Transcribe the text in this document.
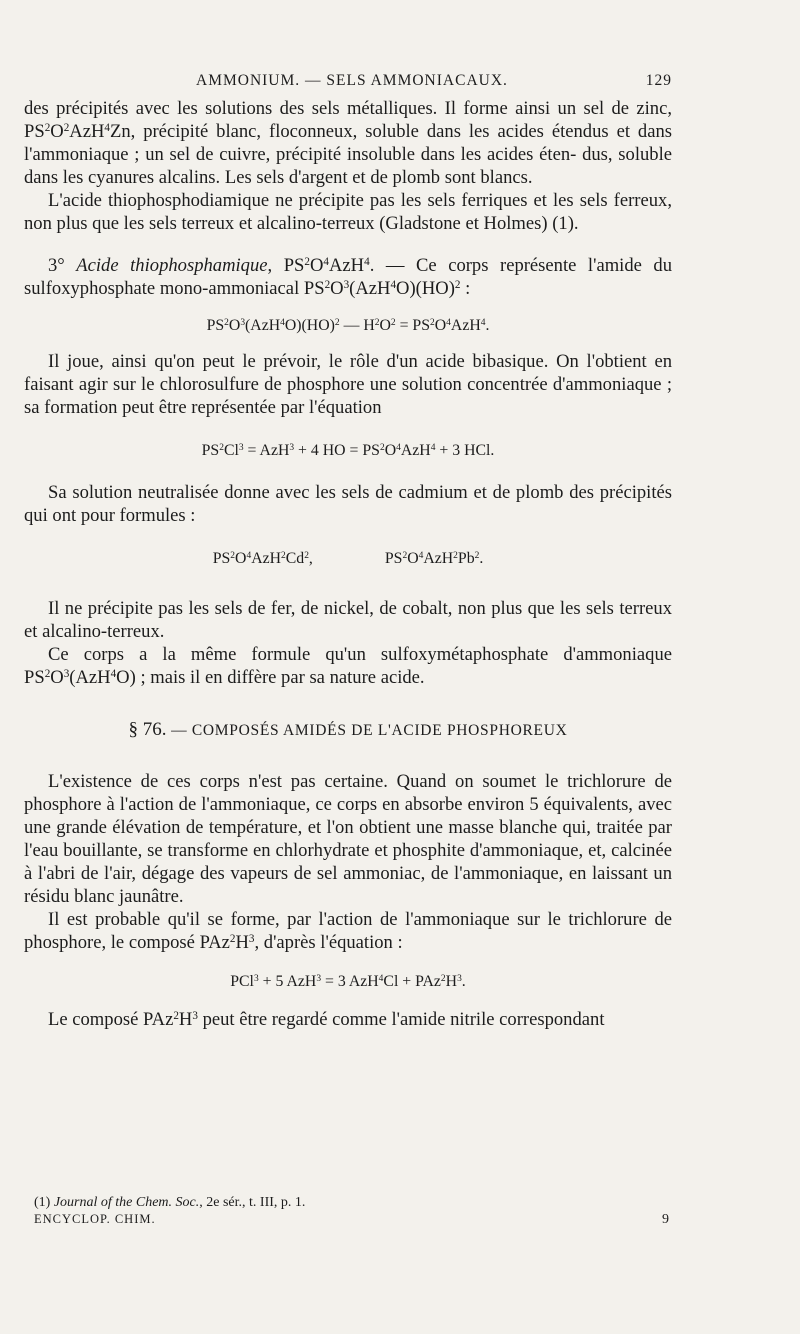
AMMONIUM. — SELS AMMONIACAUX.	129

des précipités avec les solutions des sels métalliques. Il forme ainsi un sel de zinc, $PS^2O^2AzH^4Zn$, précipité blanc, floconneux, soluble dans les acides étendus et dans l'ammoniaque ; un sel de cuivre, précipité insoluble dans les acides éten- dus, soluble dans les cyanures alcalins. Les sels d'argent et de plomb sont blancs.

L'acide thiophosphodiamique ne précipite pas les sels ferriques et les sels ferreux, non plus que les sels terreux et alcalino-terreux (Gladstone et Holmes) (1).

3° Acide thiophosphamique, $PS^2O^4AzH^4$. — Ce corps représente l'amide du sulfoxyphosphate mono-ammoniacal $PS^2O^3(AzH^4O)(HO)^2$ :

$PS^2O^3(AzH^4O)(HO)^2$ — $H^2O^2 = PS^2O^4AzH^4$.

Il joue, ainsi qu'on peut le prévoir, le rôle d'un acide bibasique. On l'obtient en faisant agir sur le chlorosulfure de phosphore une solution concentrée d'ammoniaque ; sa formation peut être représentée par l'équation

$PS^2Cl^3 = AzH^3 + 4$ HO = $PS^2O^4AzH^4 + 3$ HCl.

Sa solution neutralisée donne avec les sels de cadmium et de plomb des précipités qui ont pour formules :

$PS^2O^4AzH^2Cd^2$,	$PS^2O^4AzH^2Pb^2$.

Il ne précipite pas les sels de fer, de nickel, de cobalt, non plus que les sels terreux et alcalino-terreux.

Ce corps a la même formule qu'un sulfoxymétaphosphate d'ammoniaque $PS^2O^3(AzH^4O)$ ; mais il en diffère par sa nature acide.

§ 76. — COMPOSÉS AMIDÉS DE L'ACIDE PHOSPHOREUX

L'existence de ces corps n'est pas certaine. Quand on soumet le trichlorure de phosphore à l'action de l'ammoniaque, ce corps en absorbe environ 5 équivalents, avec une grande élévation de température, et l'on obtient une masse blanche qui, traitée par l'eau bouillante, se transforme en chlorhydrate et phosphite d'ammoniaque, et, calcinée à l'abri de l'air, dégage des vapeurs de sel ammoniac, de l'ammoniaque, en laissant un résidu blanc jaunâtre.

Il est probable qu'il se forme, par l'action de l'ammoniaque sur le trichlorure de phosphore, le composé $PAz^2H^3$, d'après l'équation :

PCl$^3$ + 5 AzH$^3$ = 3 $AzH^4Cl + PAz^2H^3$.

Le composé $PAz^2H^3$ peut être regardé comme l'amide nitrile correspondant

(1) Journal of the Chem. Soc., 2e sér., t. III, p. 1.
ENCYCLOP. CHIM.	9
